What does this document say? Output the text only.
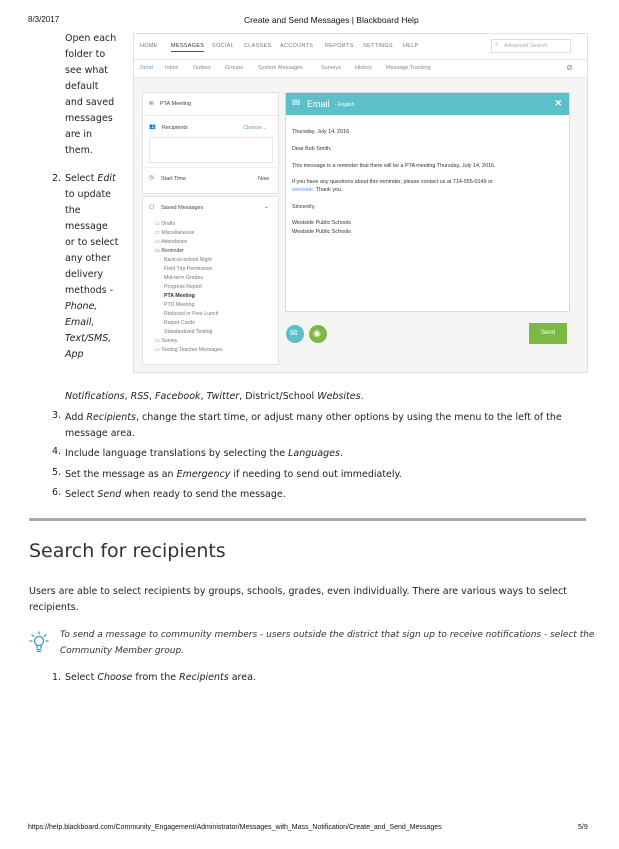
8/3/2017	Create and Send Messages | Blackboard Help
Open each
folder to
see what
default
and saved
messages
are in
them.
2. Select Edit
to update
the
message
or to select
any other
delivery
methods -
Phone,
Email,
Text/SMS,
App
HOME MESSAGES SOCIAL CLASSES ACCOUNTS REPORTS SETTINGS HELP	⌕ Advanced Search
Send Inbox	Outbox	Groups	System Messages	Surveys	History	Message Tracking	⊘
✉ PTA Meeting
👥 Recipients	Choose...
◷ Start Time	Now
▢ Saved Messages	⌄
▭ Drafts
▭ Miscellaneous
▭ Attendance
▭ Reminder
Back-to-school Night
Field Trip Permission
Mid-term Grades
Progress Report
PTA Meeting
PTO Meeting
Reduced or Free Lunch
Report Cards
Standardized Testing
▭ Survey
▭ Testing Teacher Messages
✉ Email - English	✕
Thursday, July 14, 2016
Dear Bob Smith,
This message is a reminder that there will be a PTA meeting Thursday, July 14, 2016.
If you have any questions about this reminder, please contact us at 714-555-0149 or
westside. Thank you.
Sincerely,
Westside Public Schools
Westside Public Schools
✉ ◉	Send
Notifications, RSS, Facebook, Twitter, District/School Websites.
3. Add Recipients, change the start time, or adjust many other options by using the menu to the left of the
message area.
4. Include language translations by selecting the Languages.
5. Set the message as an Emergency if needing to send out immediately.
6. Select Send when ready to send the message.
Search for recipients
Users are able to select recipients by groups, schools, grades, even individually. There are various ways to select
recipients.
To send a message to community members - users outside the district that sign up to receive notifications - select the
Community Member group.
1. Select Choose from the Recipients area.
https://help.blackboard.com/Community_Engagement/Administrator/Messages_with_Mass_Notification/Create_and_Send_Messages	5/9
